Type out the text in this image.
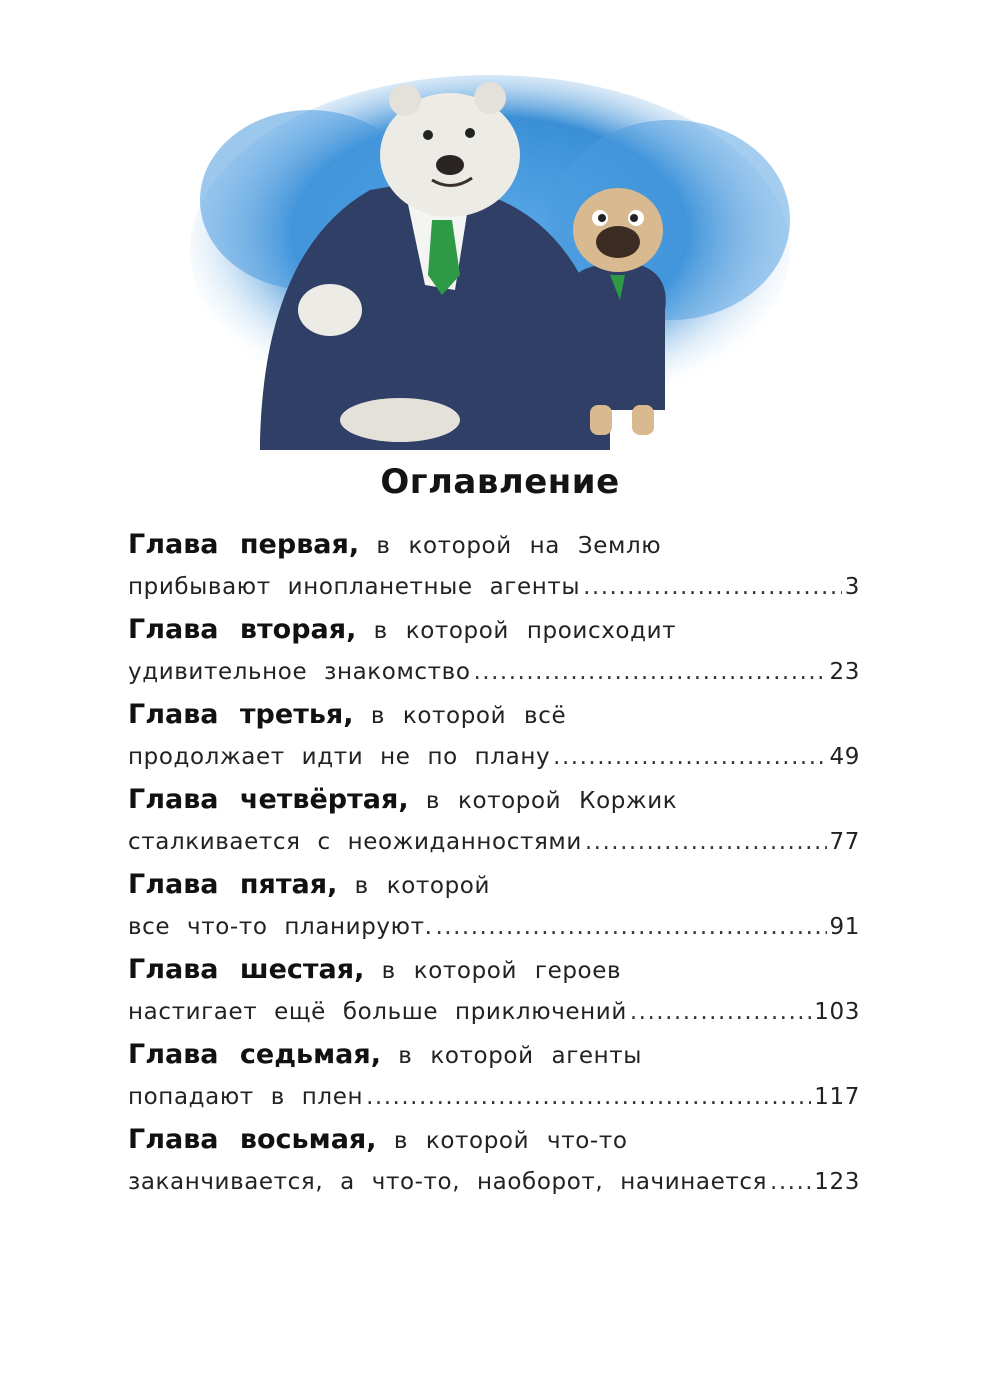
Оглавление
Глава первая, в которой на Землю
прибывают инопланетные агенты .....	3
Глава вторая, в которой происходит
удивительное знакомство .....	23
Глава третья, в которой всё
продолжает идти не по плану .....	49
Глава четвёртая, в которой Коржик
сталкивается с неожиданностями .....	77
Глава пятая, в которой
все что-то планируют. .....	91
Глава шестая, в которой героев
настигает ещё больше приключений .....	103
Глава седьмая, в которой агенты
попадают в плен .....	117
Глава восьмая, в которой что-то
заканчивается, а что-то, наоборот, начинается ..... 123
